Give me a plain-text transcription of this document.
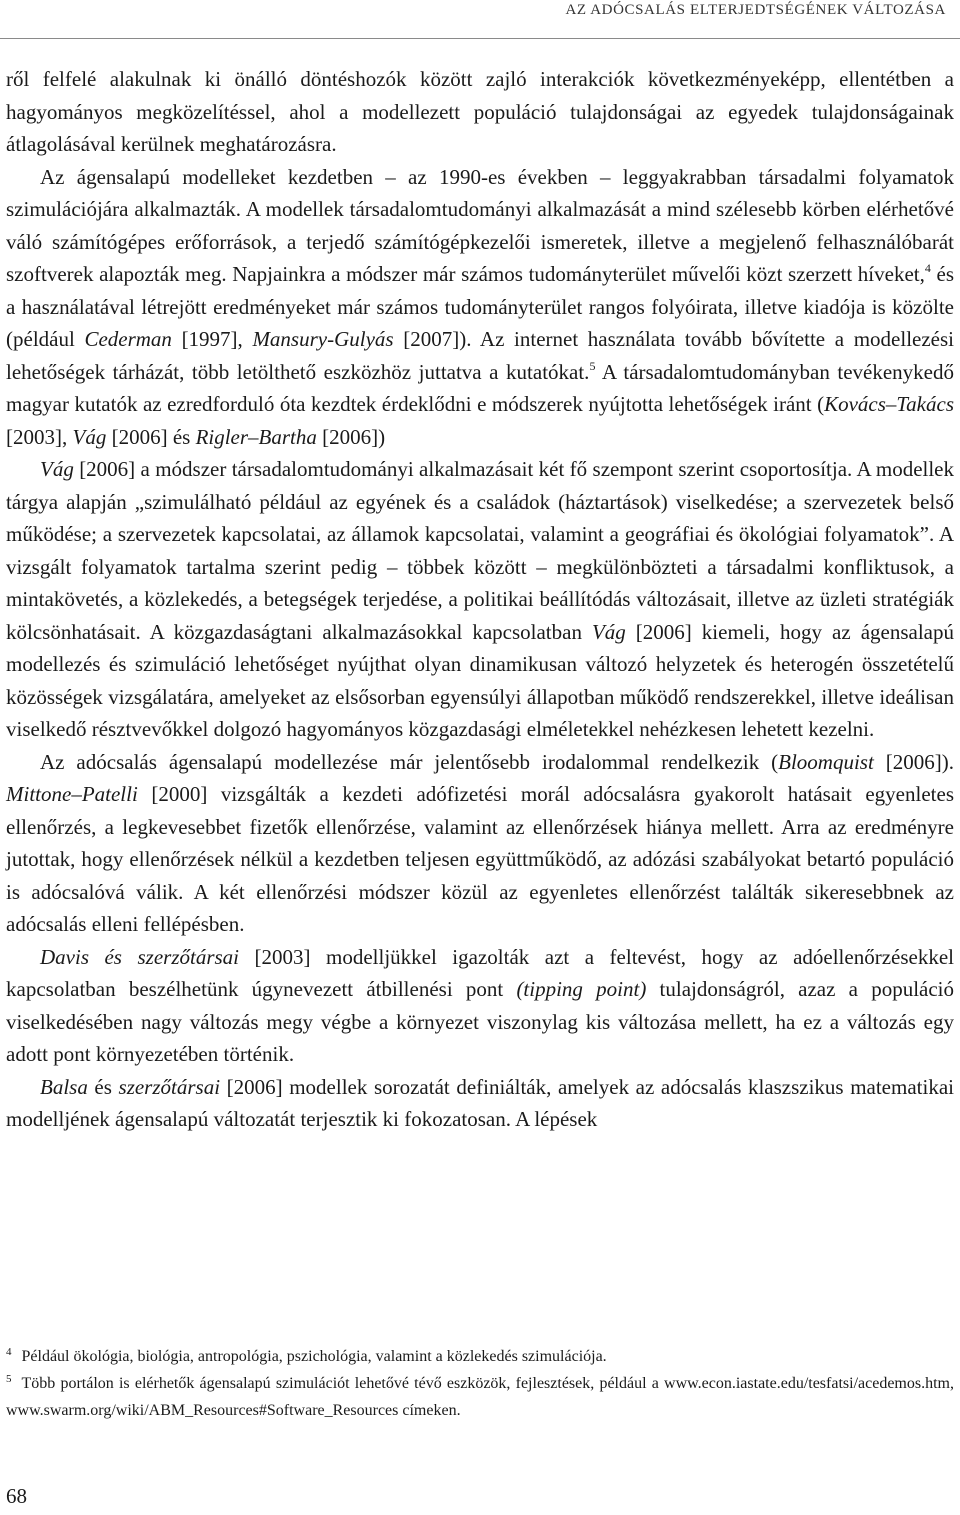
AZ ADÓCSALÁS ELTERJEDTSÉGÉNEK VÁLTOZÁSA

ről felfelé alakulnak ki önálló döntéshozók között zajló interakciók következményeképp, ellentétben a hagyományos megközelítéssel, ahol a modellezett populáció tulajdonságai az egyedek tulajdonságainak átlagolásával kerülnek meghatározásra.

Az ágensalapú modelleket kezdetben – az 1990-es években – leggyakrabban társadalmi folyamatok szimulációjára alkalmazták. A modellek társadalomtudományi alkalmazását a mind szélesebb körben elérhetővé váló számítógépes erőforrások, a terjedő számítógépkezelői ismeretek, illetve a megjelenő felhasználóbarát szoftverek alapozták meg. Napjainkra a módszer már számos tudományterület művelői közt szerzett híveket,$^4$ és a használatával létrejött eredményeket már számos tudományterület rangos folyóirata, illetve kiadója is közölte (például Cederman [1997], Mansury-Gulyás [2007]). Az internet használata tovább bővítette a modellezési lehetőségek tárházát, több letölthető eszközhöz juttatva a kutatókat.$^5$ A társadalomtudományban tevékenykedő magyar kutatók az ezredforduló óta kezdtek érdeklődni e módszerek nyújtotta lehetőségek iránt (Kovács–Takács [2003], Vág [2006] és Rigler–Bartha [2006])

Vág [2006] a módszer társadalomtudományi alkalmazásait két fő szempont szerint csoportosítja. A modellek tárgya alapján „szimulálható például az egyének és a családok (háztartások) viselkedése; a szervezetek belső működése; a szervezetek kapcsolatai, az államok kapcsolatai, valamint a geográfiai és ökológiai folyamatok”. A vizsgált folyamatok tartalma szerint pedig – többek között – megkülönbözteti a társadalmi konfliktusok, a mintakövetés, a közlekedés, a betegségek terjedése, a politikai beállítódás változásait, illetve az üzleti stratégiák kölcsönhatásait. A közgazdaságtani alkalmazásokkal kapcsolatban Vág [2006] kiemeli, hogy az ágensalapú modellezés és szimuláció lehetőséget nyújthat olyan dinamikusan változó helyzetek és heterogén összetételű közösségek vizsgálatára, amelyeket az elsősorban egyensúlyi állapotban működő rendszerekkel, illetve ideálisan viselkedő résztvevőkkel dolgozó hagyományos közgazdasági elméletekkel nehézkesen lehetett kezelni.

Az adócsalás ágensalapú modellezése már jelentősebb irodalommal rendelkezik (Bloomquist [2006]). Mittone–Patelli [2000] vizsgálták a kezdeti adófizetési morál adócsalásra gyakorolt hatásait egyenletes ellenőrzés, a legkevesebbet fizetők ellenőrzése, valamint az ellenőrzések hiánya mellett. Arra az eredményre jutottak, hogy ellenőrzések nélkül a kezdetben teljesen együttműködő, az adózási szabályokat betartó populáció is adócsalóvá válik. A két ellenőrzési módszer közül az egyenletes ellenőrzést találták sikeresebbnek az adócsalás elleni fellépésben.

Davis és szerzőtársai [2003] modelljükkel igazolták azt a feltevést, hogy az adóellenőrzésekkel kapcsolatban beszélhetünk úgynevezett átbillenési pont (tipping point) tulajdonságról, azaz a populáció viselkedésében nagy változás megy végbe a környezet viszonylag kis változása mellett, ha ez a változás egy adott pont környezetében történik.

Balsa és szerzőtársai [2006] modellek sorozatát definiálták, amelyek az adócsalás klaszszikus matematikai modelljének ágensalapú változatát terjesztik ki fokozatosan. A lépések

$^4$ Például ökológia, biológia, antropológia, pszichológia, valamint a közlekedés szimulációja.

$^5$ Több portálon is elérhetők ágensalapú szimulációt lehetővé tévő eszközök, fejlesztések, például a www.econ.iastate.edu/tesfatsi/acedemos.htm, www.swarm.org/wiki/ABM_Resources#Software_Resources címeken.

68
